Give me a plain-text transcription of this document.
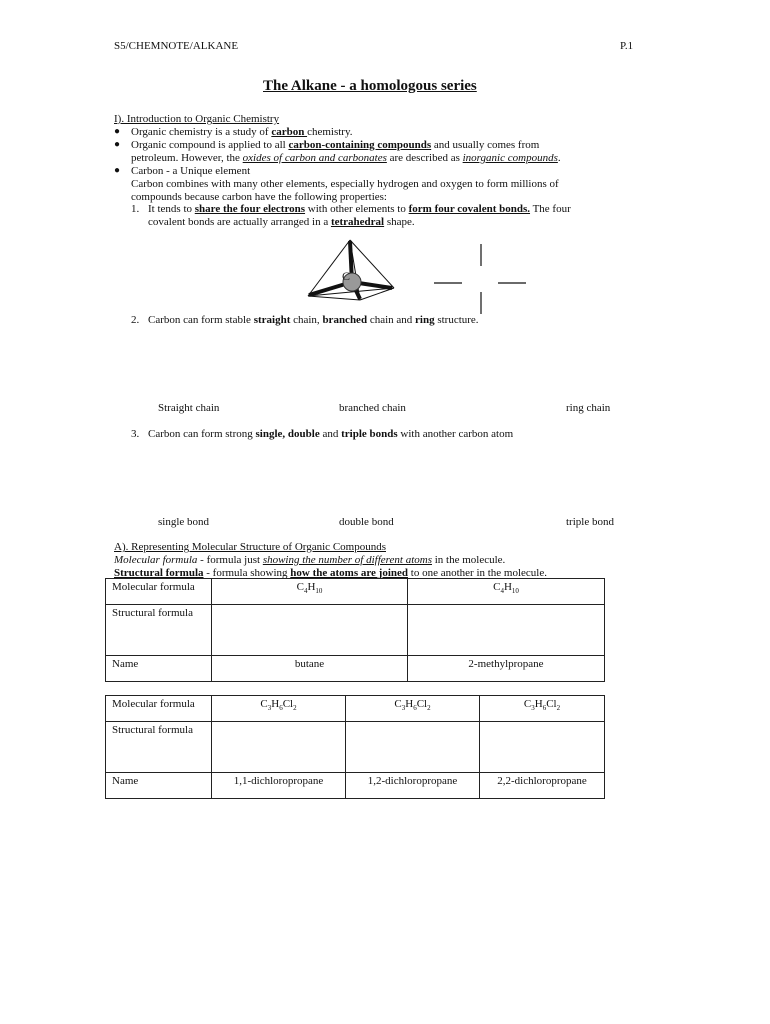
S5/CHEMNOTE/ALKANE	P.1
The Alkane - a homologous series
I). Introduction to Organic Chemistry
● Organic chemistry is a study of carbon chemistry.
● Organic compound is applied to all carbon-containing compounds and usually comes from
petroleum. However, the oxides of carbon and carbonates are described as inorganic compounds.
● Carbon - a Unique element
Carbon combines with many other elements, especially hydrogen and oxygen to form millions of
compounds because carbon have the following properties:
1. It tends to share the four electrons with other elements to form four covalent bonds. The four
covalent bonds are actually arranged in a tetrahedral shape.
C
2. Carbon can form stable straight chain, branched chain and ring structure.
Straight chain	branched chain	ring chain
3. Carbon can form strong single, double and triple bonds with another carbon atom
single bond	double bond	triple bond
A). Representing Molecular Structure of Organic Compounds
Molecular formula - formula just showing the number of different atoms in the molecule.
Structural formula - formula showing how the atoms are joined to one another in the molecule.
Molecular formula	$C_4H_{10}$	$C_4H_{10}$
Structural formula		
Name	butane	2-methylpropane
Molecular formula	$C_3H_6Cl_2$	$C_3H_6Cl_2$	$C_3H_6Cl_2$
Structural formula			
Name	1,1-dichloropropane	1,2-dichloropropane	2,2-dichloropropane
